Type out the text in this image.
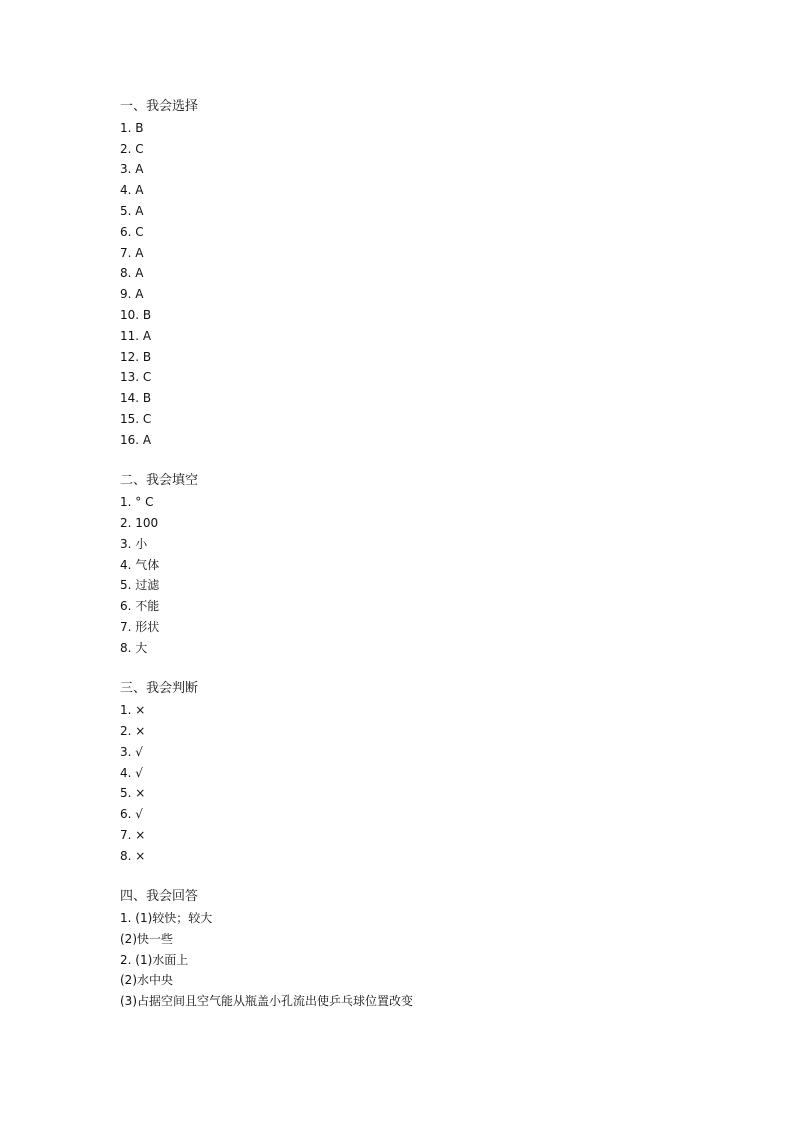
一、我会选择
1. B
2. C
3. A
4. A
5. A
6. C
7. A
8. A
9. A
10. B
11. A
12. B
13. C
14. B
15. C
16. A
二、我会填空
1. ° C
2. 100
3. 小
4. 气体
5. 过滤
6. 不能
7. 形状
8. 大
三、我会判断
1. ×
2. ×
3. √
4. √
5. ×
6. √
7. ×
8. ×
四、我会回答
1. (1)较快；较大
(2)快一些
2. (1)水面上
(2)水中央
(3)占据空间且空气能从瓶盖小孔流出使乒乓球位置改变
